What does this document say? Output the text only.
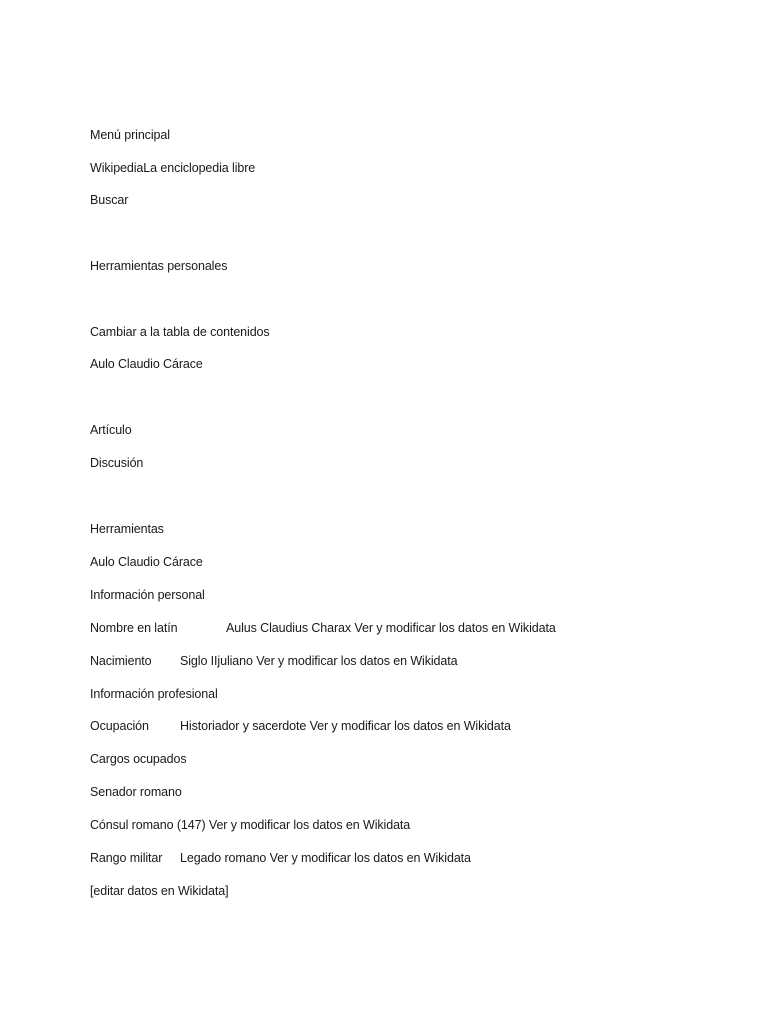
Menú principal
WikipediaLa enciclopedia libre
Buscar
Herramientas personales
Cambiar a la tabla de contenidos
Aulo Claudio Cárace
Artículo
Discusión
Herramientas
Aulo Claudio Cárace
Información personal
Nombre en latín	Aulus Claudius Charax Ver y modificar los datos en Wikidata
Nacimiento Siglo IIjuliano Ver y modificar los datos en Wikidata
Información profesional
Ocupación Historiador y sacerdote Ver y modificar los datos en Wikidata
Cargos ocupados
Senador romano
Cónsul romano (147) Ver y modificar los datos en Wikidata
Rango militar Legado romano Ver y modificar los datos en Wikidata
[editar datos en Wikidata]
